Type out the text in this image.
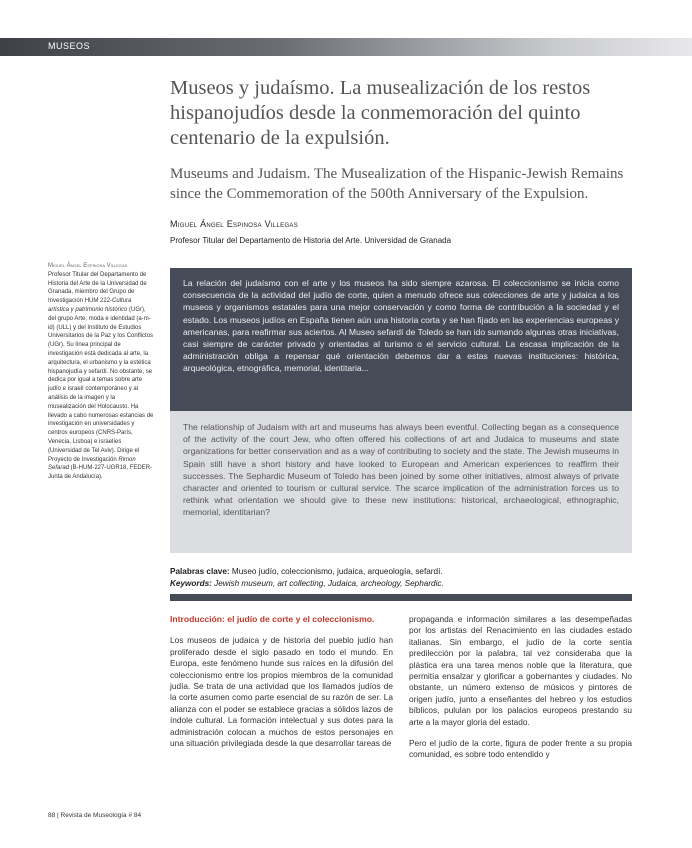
MUSEOS
Museos y judaísmo. La musealización de los restos hispanojudíos desde la conmemoración del quinto centenario de la expulsión.
Museums and Judaism. The Musealization of the Hispanic-Jewish Remains since the Commemoration of the 500th Anniversary of the Expulsion.
Miguel Ángel Espinosa Villegas
Profesor Titular del Departamento de Historia del Arte. Universidad de Granada
Miguel Ángel Espinosa Villegas
Profesor Titular del Departamento de Historia del Arte de la Universidad de Granada, miembro del Grupo de Investigación HUM 222-Cultura artística y patrimonio histórico (UGr), del grupo Arte, moda e identidad (a-m-id) (ULL) y del Instituto de Estudios Universitarios de la Paz y los Conflictos (UGr). Su línea principal de investigación está dedicada al arte, la arquitectura, el urbanismo y la estética hispanojudía y sefardí. No obstante, se dedica por igual a temas sobre arte judío e israelí contemporáneo y al análisis de la imagen y la musealización del Holocausto. Ha llevado a cabo numerosas estancias de investigación en universidades y centros europeos (CNRS-París, Venecia, Lisboa) e israelíes (Universidad de Tel Aviv). Dirige el Proyecto de Investigación Rimon Sefarad (B-HUM-227-UGR18, FEDER-Junta de Andalucía).

La relación del judaísmo con el arte y los museos ha sido siempre azarosa. El coleccionismo se inicia como consecuencia de la actividad del judío de corte, quien a menudo ofrece sus colecciones de arte y judaica a los museos y organismos estatales para una mejor conservación y como forma de contribución a la sociedad y el estado. Los museos judíos en España tienen aún una historia corta y se han fijado en las experiencias europeas y americanas, para reafirmar sus aciertos. Al Museo sefardí de Toledo se han ido sumando algunas otras iniciativas, casi siempre de carácter privado y orientadas al turismo o el servicio cultural. La escasa implicación de la administración obliga a repensar qué orientación debemos dar a estas nuevas instituciones: histórica, arqueológica, etnográfica, memorial, identitaria...

The relationship of Judaism with art and museums has always been eventful. Collecting began as a consequence of the activity of the court Jew, who often offered his collections of art and Judaica to museums and state organizations for better conservation and as a way of contributing to society and the state. The Jewish museums in Spain still have a short history and have looked to European and American experiences to reaffirm their successes. The Sephardic Museum of Toledo has been joined by some other initiatives, almost always of private character and oriented to tourism or cultural service. The scarce implication of the administration forces us to rethink what orientation we should give to these new institutions: historical, archaeological, ethnographic, memorial, identitarian?

Palabras clave: Museo judío, coleccionismo, judaica, arqueología, sefardí.
Keywords: Jewish museum, art collecting, Judaica, archeology, Sephardic.
Introducción: el judío de corte y el coleccionismo.

Los museos de judaica y de historia del pueblo judío han proliferado desde el siglo pasado en todo el mundo. En Europa, este fenómeno hunde sus raíces en la difusión del coleccionismo entre los propios miembros de la comunidad judía. Se trata de una actividad que los llamados judíos de la corte asumen como parte esencial de su razón de ser. La alianza con el poder se establece gracias a sólidos lazos de índole cultural. La formación intelectual y sus dotes para la administración colocan a muchos de estos personajes en una situación privilegiada desde la que desarrollar tareas de

propaganda e información similares a las desempeñadas por los artistas del Renacimiento en las ciudades estado italianas. Sin embargo, el judío de la corte sentía predilección por la palabra, tal vez consideraba que la plástica era una tarea menos noble que la literatura, que permitía ensalzar y glorificar a gobernantes y ciudades. No obstante, un número extenso de músicos y pintores de origen judío, junto a enseñantes del hebreo y los estudios bíblicos, pululan por los palacios europeos prestando su arte a la mayor gloria del estado.

Pero el judío de la corte, figura de poder frente a su propia comunidad, es sobre todo entendido y

88 | Revista de Museología # 84
